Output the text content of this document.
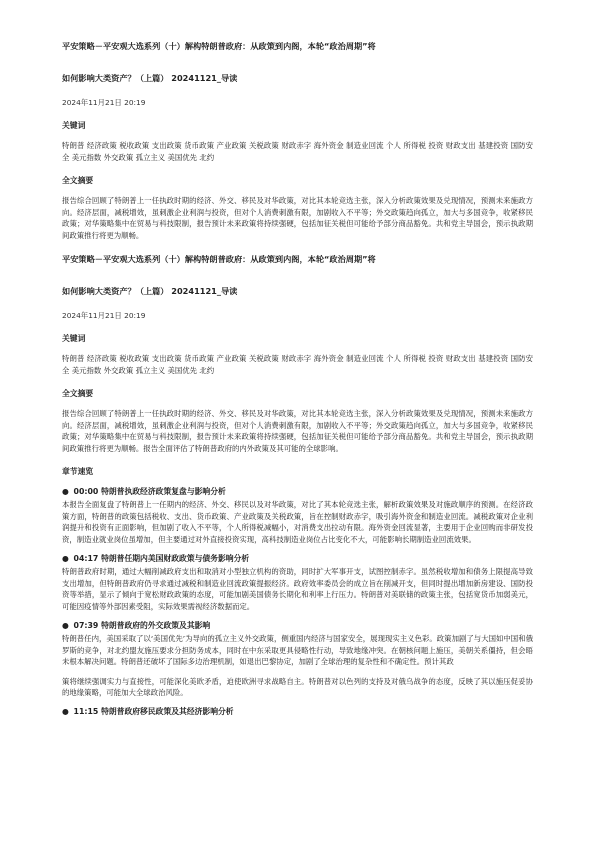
平安策略－平安观大选系列（十）解构特朗普政府：从政策到内阁，本轮“政治周期”将

如何影响大类资产？（上篇） 20241121_导读

2024年11月21日 20:19
关键词

特朗普 经济政策 税收政策 支出政策 货币政策 产业政策 关税政策 财政赤字 海外资金 制造业回流 个人 所得税 投资 财政支出 基建投资 国防安全 美元指数 外交政策 孤立主义 美国优先 北约

全文摘要

报告综合回顾了特朗普上一任执政时期的经济、外交、移民及对华政策，对比其本轮竞选主张，深入分析政策效果及兑现情况，预测未来施政方向。经济层面，减税增效，虽刺激企业利润与投资，但对个人消费刺激有限，加剧收入不平等；外交政策趋向孤立，加大与多国竞争，收紧移民政策；对华策略集中在贸易与科技限制，报告预计未来政策将持续强硬，包括加征关税但可能给予部分商品豁免。共和党主导国会，预示执政期间政策推行将更为顺畅。

平安策略－平安观大选系列（十）解构特朗普政府：从政策到内阁，本轮“政治周期”将

如何影响大类资产？（上篇） 20241121_导读

2024年11月21日 20:19
关键词

特朗普 经济政策 税收政策 支出政策 货币政策 产业政策 关税政策 财政赤字 海外资金 制造业回流 个人 所得税 投资 财政支出 基建投资 国防安全 美元指数 外交政策 孤立主义 美国优先 北约

全文摘要

报告综合回顾了特朗普上一任执政时期的经济、外交、移民及对华政策，对比其本轮竞选主张，深入分析政策效果及兑现情况，预测未来施政方向。经济层面，减税增效，虽刺激企业利润与投资，但对个人消费刺激有限，加剧收入不平等；外交政策趋向孤立，加大与多国竞争，收紧移民政策；对华策略集中在贸易与科技限制，报告预计未来政策将持续强硬，包括加征关税但可能给予部分商品豁免。共和党主导国会，预示执政期间政策推行将更为顺畅。报告全面评估了特朗普政府的内外政策及其可能的全球影响。

章节速览
● 00:00 特朗普执政经济政策复盘与影响分析

本报告全面复盘了特朗普上一任期内的经济、外交、移民以及对华政策，对比了其本轮竞选主张，解析政策效果及对施政顺序的预测。在经济政策方面，特朗普的政策包括税收、支出、货币政策、产业政策及关税政策，旨在控制财政赤字，吸引海外资金和制造业回流。减税政策对企业利润提升和投资有正面影响，但加剧了收入不平等，个人所得税减幅小，对消费支出拉动有限。海外资金回流显著，主要用于企业回购而非研发投资，制造业就业岗位虽增加，但主要通过对外直接投资实现，高科技制造业岗位占比变化不大，可能影响长期制造业回流效果。

● 04:17 特朗普任期内美国财政政策与债务影响分析

特朗普政府时期，通过大幅削减政府支出和取消对小型独立机构的资助，同时扩大军事开支，试图控制赤字。虽然税收增加和债务上限提高导致支出增加，但特朗普政府仍寻求通过减税和制造业回流政策提振经济。政府效率委员会的成立旨在削减开支，但同时提出增加新房建设、国防投资等举措，显示了倾向于宽松财政政策的态度，可能加剧美国债务长期化和利率上行压力。特朗普对美联储的政策主张，包括宽货币加弱美元，可能因疫情等外部因素受阻，实际效果需视经济数据而定。

● 07:39 特朗普政府的外交政策及其影响

特朗普任内，美国采取了以‘美国优先’为导向的孤立主义外交政策，侧重国内经济与国家安全，展现现实主义色彩。政策加剧了与大国如中国和俄罗斯的竞争，对北约盟友施压要求分担防务成本，同时在中东采取更具侵略性行动，导致地缘冲突。在朝核问题上施压，美朝关系僵持，但会晤未根本解决问题。特朗普还破坏了国际多边治理机制，如退出巴黎协定，加剧了全球治理的复杂性和不确定性。预计其政

策将继续强调实力与直接性，可能深化美欧矛盾，迫使欧洲寻求战略自主。特朗普对以色列的支持及对俄乌战争的态度，反映了其以施压促妥协的地缘策略，可能加大全球政治风险。

● 11:15 特朗普政府移民政策及其经济影响分析
